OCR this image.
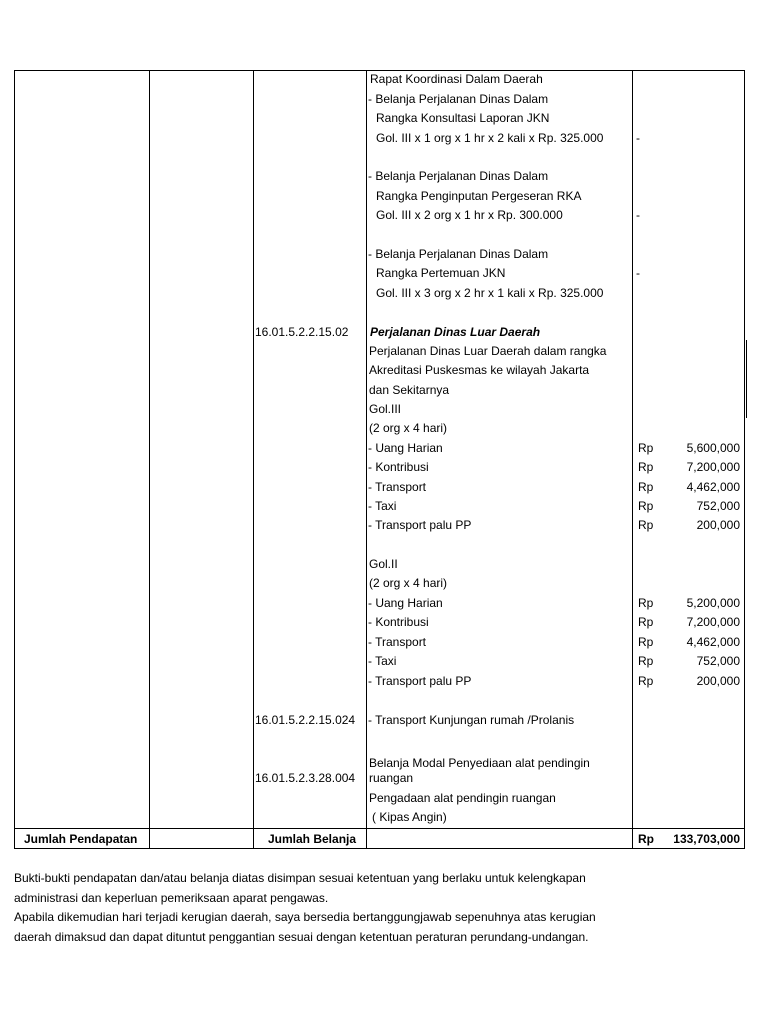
Rapat Koordinasi Dalam Daerah
- Belanja Perjalanan Dinas Dalam
Rangka Konsultasi Laporan JKN
Gol. III x 1 org x 1 hr x 2 kali x Rp. 325.000	-
- Belanja Perjalanan Dinas Dalam
Rangka Penginputan Pergeseran RKA
Gol. III x 2 org x 1 hr x Rp. 300.000	-
- Belanja Perjalanan Dinas Dalam
Rangka Pertemuan JKN	-
Gol. III x 3 org x 2 hr x 1 kali x Rp. 325.000
16.01.5.2.2.15.02 Perjalanan Dinas Luar Daerah
Perjalanan Dinas Luar Daerah dalam rangka
Akreditasi Puskesmas ke wilayah Jakarta
dan Sekitarnya
Gol.III
(2 org x 4 hari)
- Uang Harian	Rp	5,600,000
- Kontribusi	Rp	7,200,000
- Transport	Rp	4,462,000
- Taxi	Rp	752,000
- Transport palu PP	Rp	200,000
Gol.II
(2 org x 4 hari)
- Uang Harian	Rp	5,200,000
- Kontribusi	Rp	7,200,000
- Transport	Rp	4,462,000
- Taxi	Rp	752,000
- Transport palu PP	Rp	200,000
16.01.5.2.2.15.024 - Transport Kunjungan rumah /Prolanis
Belanja Modal Penyediaan alat pendingin
16.01.5.2.3.28.004 ruangan
Pengadaan alat pendingin ruangan
( Kipas Angin)
Jumlah Pendapatan	Jumlah Belanja	Rp	133,703,000
Bukti-bukti pendapatan dan/atau belanja diatas disimpan sesuai ketentuan yang berlaku untuk kelengkapan
administrasi dan keperluan pemeriksaan aparat pengawas.
Apabila dikemudian hari terjadi kerugian daerah, saya bersedia bertanggungjawab sepenuhnya atas kerugian
daerah dimaksud dan dapat dituntut penggantian sesuai dengan ketentuan peraturan perundang-undangan.
